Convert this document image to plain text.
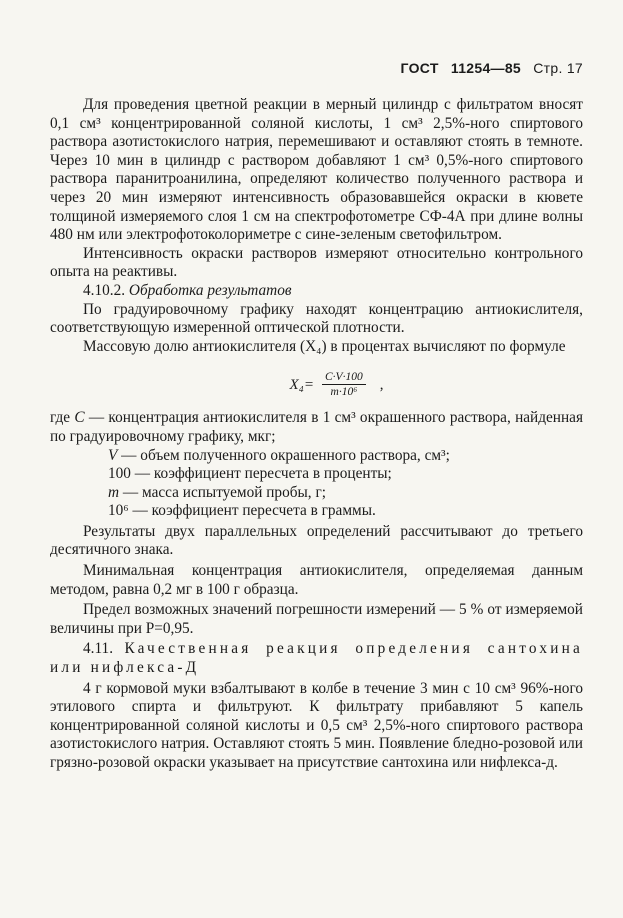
ГОСТ 11254—85 Стр. 17

Для проведения цветной реакции в мерный цилиндр с фильтратом вносят 0,1 см³ концентрированной соляной кислоты, 1 см³ 2,5%-ного спиртового раствора азотистокислого натрия, перемешивают и оставляют стоять в темноте. Через 10 мин в цилиндр с раствором добавляют 1 см³ 0,5%-ного спиртового раствора паранитроанилина, определяют количество полученного раствора и через 20 мин измеряют интенсивность образовавшейся окраски в кювете толщиной измеряемого слоя 1 см на спектрофотометре СФ-4А при длине волны 480 нм или электрофотоколориметре с сине-зеленым светофильтром.

Интенсивность окраски растворов измеряют относительно контрольного опыта на реактивы.

4.10.2. Обработка результатов

По градуировочному графику находят концентрацию антиокислителя, соответствующую измеренной оптической плотности.

Массовую долю антиокислителя (X₄) в процентах вычисляют по формуле

$X_4= \frac{C\cdot V\cdot 100}{\text{m·10⁶}}$ ,

где C — концентрация антиокислителя в 1 см³ окрашенного раствора, найденная по градуировочному графику, мкг;

V — объем полученного окрашенного раствора, см³;

100 — коэффициент пересчета в проценты;

m — масса испытуемой пробы, г;

10⁶ — коэффициент пересчета в граммы.

Результаты двух параллельных определений рассчитывают до третьего десятичного знака.

Минимальная концентрация антиокислителя, определяемая данным методом, равна 0,2 мг в 100 г образца.

Предел возможных значений погрешности измерений — 5 % от измеряемой величины при P=0,95.

4.11. Качественная реакция определения сантохина или нифлекса-Д

4 г кормовой муки взбалтывают в колбе в течение 3 мин с 10 см³ 96%-ного этилового спирта и фильтруют. К фильтрату прибавляют 5 капель концентрированной соляной кислоты и 0,5 см³ 2,5%-ного спиртового раствора азотистокислого натрия. Оставляют стоять 5 мин. Появление бледно-розовой или грязно-розовой окраски указывает на присутствие сантохина или нифлекса-д.
